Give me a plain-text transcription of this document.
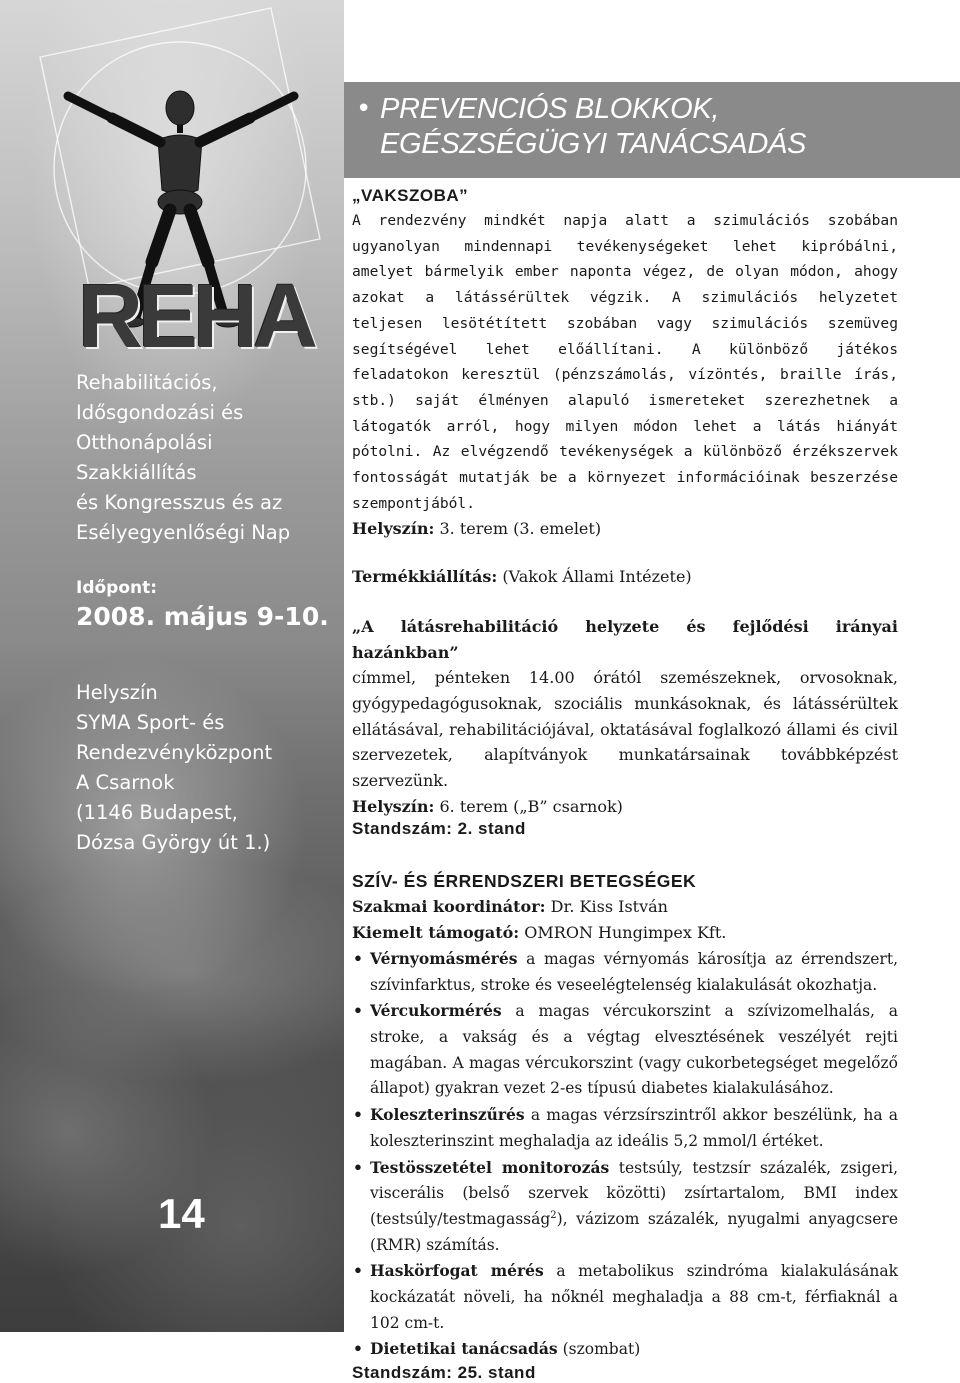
REHA
Rehabilitációs,
Idősgondozási és
Otthonápolási
Szakkiállítás
és Kongresszus és az
Esélyegyenlőségi Nap
Időpont:
2008. május 9-10.
Helyszín
SYMA Sport- és
Rendezvényközpont
A Csarnok
(1146 Budapest,
Dózsa György út 1.)
14
• PREVENCIÓS BLOKKOK, EGÉSZSÉGÜGYI TANÁCSADÁS
„VAKSZOBA”

A rendezvény mindkét napja alatt a szimulációs szobában ugyanolyan mindennapi tevékenységeket lehet kipróbálni, amelyet bármelyik ember naponta végez, de olyan módon, ahogy azokat a látássérültek végzik. A szimulációs helyzetet teljesen lesötétített szobában vagy szimulációs szemüveg segítségével lehet előállítani. A különböző játékos feladatokon keresztül (pénzszámolás, vízöntés, braille írás, stb.) saját élményen alapuló ismereteket szerezhetnek a látogatók arról, hogy milyen módon lehet a látás hiányát pótolni. Az elvégzendő tevékenységek a különböző érzékszervek fontosságát mutatják be a környezet információinak beszerzése szempontjából.

Helyszín: 3. terem (3. emelet)

Termékkiállítás: (Vakok Állami Intézete)

„A látásrehabilitáció helyzete és fejlődési irányai hazánkban”

címmel, pénteken 14.00 órától szemészeknek, orvosoknak, gyógypedagógusoknak, szociális munkásoknak, és látássérültek ellátásával, rehabilitációjával, oktatásával foglalkozó állami és civil szervezetek, alapítványok munkatársainak továbbképzést szervezünk.

Helyszín: 6. terem („B” csarnok)

Standszám: 2. stand
SZÍV- ÉS ÉRRENDSZERI BETEGSÉGEK

Szakmai koordinátor: Dr. Kiss István

Kiemelt támogató: OMRON Hungimpex Kft.

• Vérnyomásmérés a magas vérnyomás károsítja az érrendszert, szívinfarktus, stroke és veseelégtelenség kialakulását okozhatja.
• Vércukormérés a magas vércukorszint a szívizomelhalás, a stroke, a vakság és a végtag elvesztésének veszélyét rejti magában. A magas vércukorszint (vagy cukorbetegséget megelőző állapot) gyakran vezet 2-es típusú diabetes kialakulásához.
• Koleszterinszűrés a magas vérzsírszintről akkor beszélünk, ha a koleszterinszint meghaladja az ideális 5,2 mmol/l értéket.
• Testösszetétel monitorozás testsúly, testzsír százalék, zsigeri, viscerális (belső szervek közötti) zsírtartalom, BMI index (testsúly/testmagasság$^2$), vázizom százalék, nyugalmi anyagcsere (RMR) számítás.
• Haskörfogat mérés a metabolikus szindróma kialakulásának kockázatát növeli, ha nőknél meghaladja a 88 cm-t, férfiaknál a 102 cm-t.
• Dietetikai tanácsadás (szombat)
Standszám: 25. stand
